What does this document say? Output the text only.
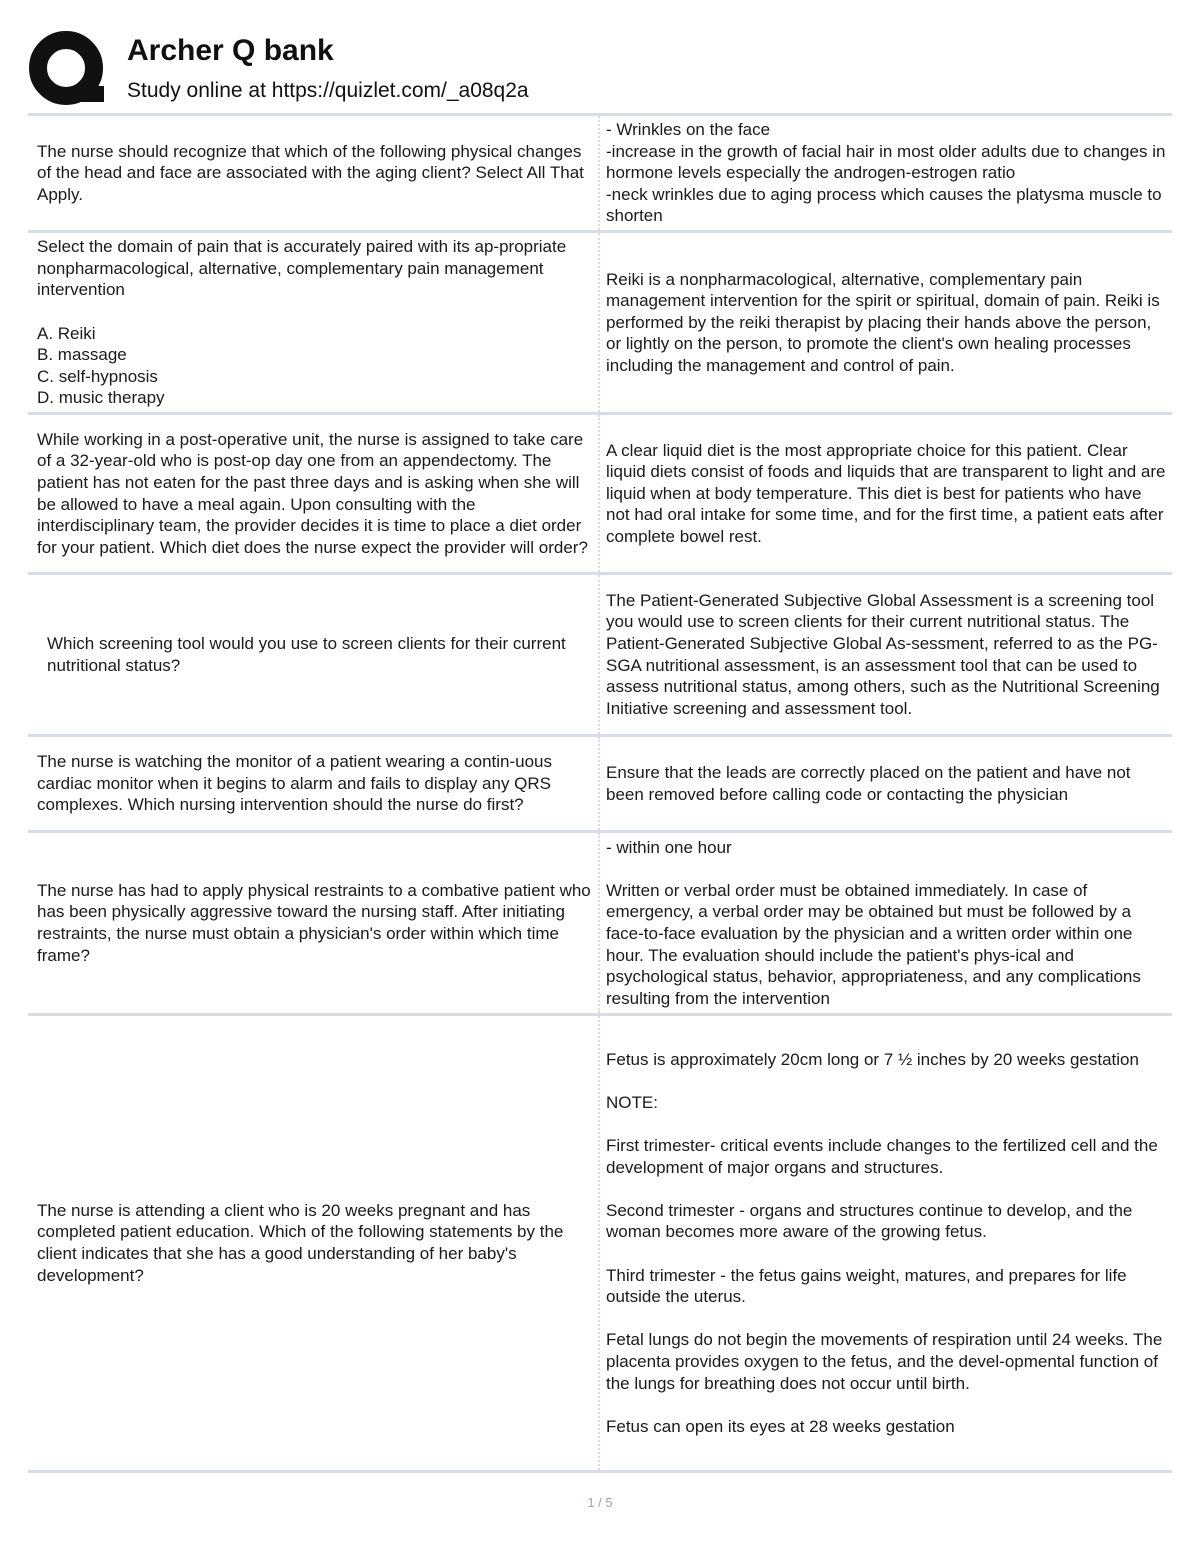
Archer Q bank
Study online at https://quizlet.com/_a08q2a
The nurse should recognize that which of the following physical changes of the head and face are associated with the aging client? Select All That Apply.
- Wrinkles on the face
-increase in the growth of facial hair in most older adults due to changes in hormone levels especially the androgen-estrogen ratio
-neck wrinkles due to aging process which causes the platysma muscle to shorten
Select the domain of pain that is accurately paired with its ap-propriate nonpharmacological, alternative, complementary pain management intervention

A. Reiki
B. massage
C. self-hypnosis
D. music therapy
Reiki is a nonpharmacological, alternative, complementary pain management intervention for the spirit or spiritual, domain of pain. Reiki is performed by the reiki therapist by placing their hands above the person, or lightly on the person, to promote the client's own healing processes including the management and control of pain.
While working in a post-operative unit, the nurse is assigned to take care of a 32-year-old who is post-op day one from an appendectomy. The patient has not eaten for the past three days and is asking when she will be allowed to have a meal again. Upon consulting with the interdisciplinary team, the provider decides it is time to place a diet order for your patient. Which diet does the nurse expect the provider will order?
A clear liquid diet is the most appropriate choice for this patient. Clear liquid diets consist of foods and liquids that are transparent to light and are liquid when at body temperature. This diet is best for patients who have not had oral intake for some time, and for the first time, a patient eats after complete bowel rest.
Which screening tool would you use to screen clients for their current nutritional status?
The Patient-Generated Subjective Global Assessment is a screening tool you would use to screen clients for their current nutritional status. The Patient-Generated Subjective Global As-sessment, referred to as the PG-SGA nutritional assessment, is an assessment tool that can be used to assess nutritional status, among others, such as the Nutritional Screening Initiative screening and assessment tool.
The nurse is watching the monitor of a patient wearing a contin-uous cardiac monitor when it begins to alarm and fails to display any QRS complexes. Which nursing intervention should the nurse do first?
Ensure that the leads are correctly placed on the patient and have not been removed before calling code or contacting the physician
The nurse has had to apply physical restraints to a combative patient who has been physically aggressive toward the nursing staff. After initiating restraints, the nurse must obtain a physician's order within which time frame?
- within one hour

Written or verbal order must be obtained immediately. In case of emergency, a verbal order may be obtained but must be followed by a face-to-face evaluation by the physician and a written order within one hour. The evaluation should include the patient's phys-ical and psychological status, behavior, appropriateness, and any complications resulting from the intervention
The nurse is attending a client who is 20 weeks pregnant and has completed patient education. Which of the following statements by the client indicates that she has a good understanding of her baby's development?
Fetus is approximately 20cm long or 7 ½ inches by 20 weeks gestation

NOTE:

First trimester- critical events include changes to the fertilized cell and the development of major organs and structures.

Second trimester - organs and structures continue to develop, and the woman becomes more aware of the growing fetus.

Third trimester - the fetus gains weight, matures, and prepares for life outside the uterus.

Fetal lungs do not begin the movements of respiration until 24 weeks. The placenta provides oxygen to the fetus, and the devel-opmental function of the lungs for breathing does not occur until birth.

Fetus can open its eyes at 28 weeks gestation
1 / 5
